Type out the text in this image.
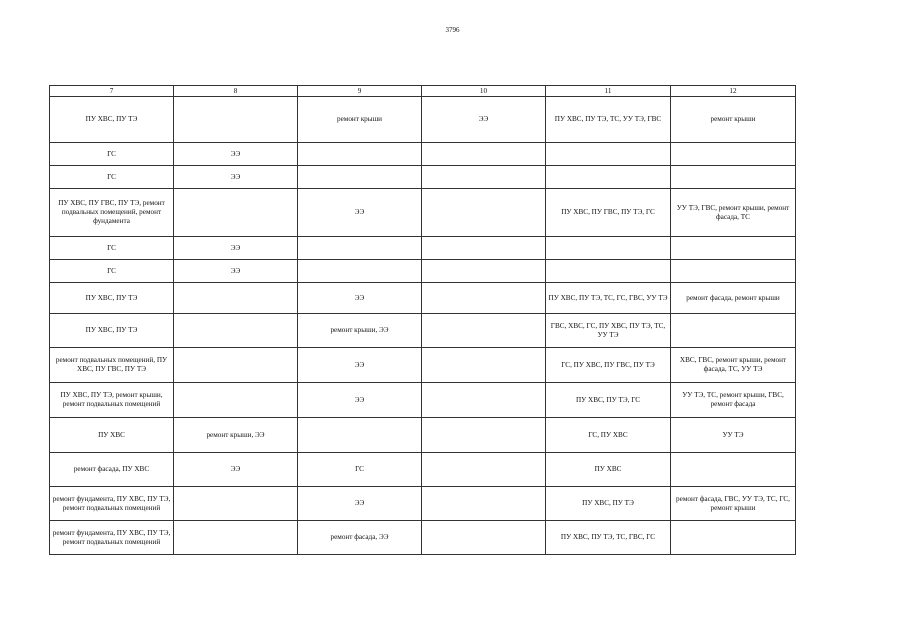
3796
7	8	9	10	11	12
ПУ ХВС, ПУ ТЭ		ремонт крыши	ЭЭ	ПУ ХВС, ПУ ТЭ, ТС, УУ ТЭ, ГВС	ремонт крыши
ГС	ЭЭ				
ГС	ЭЭ				
ПУ ХВС, ПУ ГВС, ПУ ТЭ, ремонт подвальных помещений, ремонт фундамента		ЭЭ		ПУ ХВС, ПУ ГВС, ПУ ТЭ, ГС	УУ ТЭ, ГВС, ремонт крыши, ремонт фасада, ТС
ГС	ЭЭ				
ГС	ЭЭ				
ПУ ХВС, ПУ ТЭ		ЭЭ		ПУ ХВС, ПУ ТЭ, ТС, ГС, ГВС, УУ ТЭ	ремонт фасада, ремонт крыши
ПУ ХВС, ПУ ТЭ		ремонт крыши, ЭЭ		ГВС, ХВС, ГС, ПУ ХВС, ПУ ТЭ, ТС, УУ ТЭ	
ремонт подвальных помещений, ПУ ХВС, ПУ ГВС, ПУ ТЭ		ЭЭ		ГС, ПУ ХВС, ПУ ГВС, ПУ ТЭ	ХВС, ГВС, ремонт крыши, ремонт фасада, ТС, УУ ТЭ
ПУ ХВС, ПУ ТЭ, ремонт крыши, ремонт подвальных помещений		ЭЭ		ПУ ХВС, ПУ ТЭ, ГС	УУ ТЭ, ТС, ремонт крыши, ГВС, ремонт фасада
ПУ ХВС	ремонт крыши, ЭЭ			ГС, ПУ ХВС	УУ ТЭ
ремонт фасада, ПУ ХВС	ЭЭ	ГС		ПУ ХВС	
ремонт фундамента, ПУ ХВС, ПУ ТЭ, ремонт подвальных помещений		ЭЭ		ПУ ХВС, ПУ ТЭ	ремонт фасада, ГВС, УУ ТЭ, ТС, ГС, ремонт крыши
ремонт фундамента, ПУ ХВС, ПУ ТЭ, ремонт подвальных помещений		ремонт фасада, ЭЭ		ПУ ХВС, ПУ ТЭ, ТС, ГВС, ГС	
